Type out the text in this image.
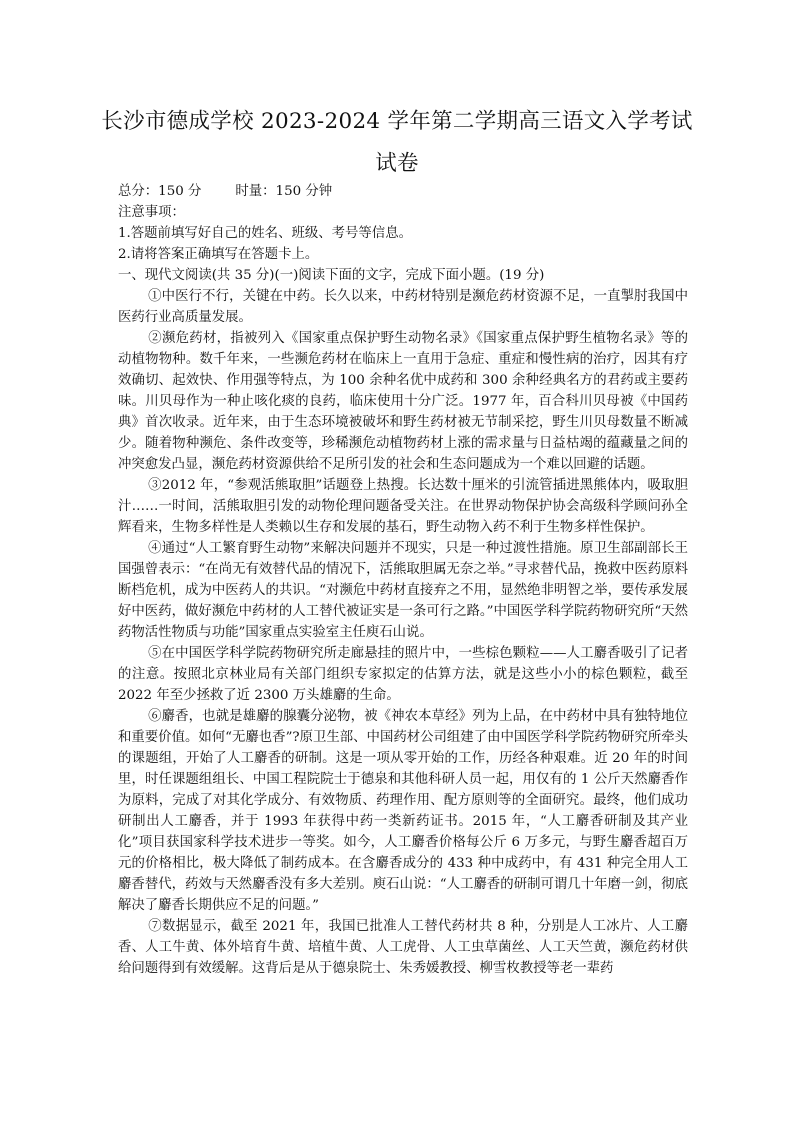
长沙市德成学校 2023-2024 学年第二学期高三语文入学考试
试卷
总分：150 分	时量：150 分钟
注意事项：
1.答题前填写好自己的姓名、班级、考号等信息。
2.请将答案正确填写在答题卡上。
一、现代文阅读(共 35 分)(一)阅读下面的文字，完成下面小题。(19 分)

①中医行不行，关键在中药。长久以来，中药材特别是濒危药材资源不足，一直掣肘我国中医药行业高质量发展。

②濒危药材，指被列入《国家重点保护野生动物名录》《国家重点保护野生植物名录》等的动植物物种。数千年来，一些濒危药材在临床上一直用于急症、重症和慢性病的治疗，因其有疗效确切、起效快、作用强等特点，为 100 余种名优中成药和 300 余种经典名方的君药或主要药味。川贝母作为一种止咳化痰的良药，临床使用十分广泛。1977 年，百合科川贝母被《中国药典》首次收录。近年来，由于生态环境被破坏和野生药材被无节制采挖，野生川贝母数量不断减少。随着物种濒危、条件改变等，珍稀濒危动植物药材上涨的需求量与日益枯竭的蕴藏量之间的冲突愈发凸显，濒危药材资源供给不足所引发的社会和生态问题成为一个难以回避的话题。

③2012 年，“参观活熊取胆”话题登上热搜。长达数十厘米的引流管插进黑熊体内，吸取胆汁……一时间，活熊取胆引发的动物伦理问题备受关注。在世界动物保护协会高级科学顾问孙全辉看来，生物多样性是人类赖以生存和发展的基石，野生动物入药不利于生物多样性保护。

④通过“人工繁育野生动物”来解决问题并不现实，只是一种过渡性措施。原卫生部副部长王国强曾表示：“在尚无有效替代品的情况下，活熊取胆属无奈之举。”寻求替代品，挽救中医药原料断档危机，成为中医药人的共识。“对濒危中药材直接弃之不用，显然绝非明智之举，要传承发展好中医药，做好濒危中药材的人工替代被证实是一条可行之路。”中国医学科学院药物研究所“天然药物活性物质与功能”国家重点实验室主任庾石山说。

⑤在中国医学科学院药物研究所走廊悬挂的照片中，一些棕色颗粒——人工麝香吸引了记者的注意。按照北京林业局有关部门组织专家拟定的估算方法，就是这些小小的棕色颗粒，截至 2022 年至少拯救了近 2300 万头雄麝的生命。

⑥麝香，也就是雄麝的腺囊分泌物，被《神农本草经》列为上品，在中药材中具有独特地位和重要价值。如何“无麝也香”?原卫生部、中国药材公司组建了由中国医学科学院药物研究所牵头的课题组，开始了人工麝香的研制。这是一项从零开始的工作，历经各种艰难。近 20 年的时间里，时任课题组组长、中国工程院院士于德泉和其他科研人员一起，用仅有的 1 公斤天然麝香作为原料，完成了对其化学成分、有效物质、药理作用、配方原则等的全面研究。最终，他们成功研制出人工麝香，并于 1993 年获得中药一类新药证书。2015 年，“人工麝香研制及其产业化”项目获国家科学技术进步一等奖。如今，人工麝香价格每公斤 6 万多元，与野生麝香超百万元的价格相比，极大降低了制药成本。在含麝香成分的 433 种中成药中，有 431 种完全用人工麝香替代，药效与天然麝香没有多大差别。庾石山说：“人工麝香的研制可谓几十年磨一剑，彻底解决了麝香长期供应不足的问题。”

⑦数据显示，截至 2021 年，我国已批准人工替代药材共 8 种，分别是人工冰片、人工麝香、人工牛黄、体外培育牛黄、培植牛黄、人工虎骨、人工虫草菌丝、人工天竺黄，濒危药材供给问题得到有效缓解。这背后是从于德泉院士、朱秀媛教授、柳雪枚教授等老一辈药
